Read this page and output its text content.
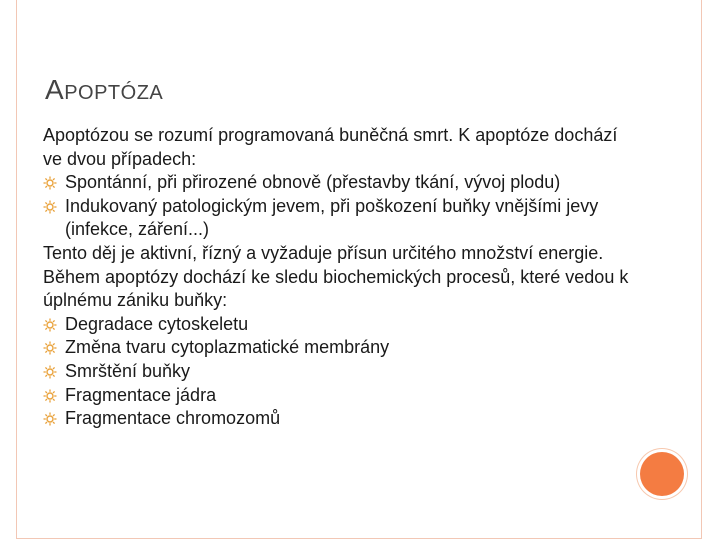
APOPTÓZA
Apoptózou se rozumí programovaná buněčná smrt. K apoptóze dochází
ve dvou případech:
Spontánní, při přirozené obnově (přestavby tkání, vývoj plodu)
Indukovaný patologickým jevem, při poškození buňky vnějšími jevy
(infekce, záření...)
Tento děj je aktivní, řízný a vyžaduje přísun určitého množství energie.
Během apoptózy dochází ke sledu biochemických procesů, které vedou k
úplnému zániku buňky:
Degradace cytoskeletu
Změna tvaru cytoplazmatické membrány
Smrštění buňky
Fragmentace jádra
Fragmentace chromozomů
